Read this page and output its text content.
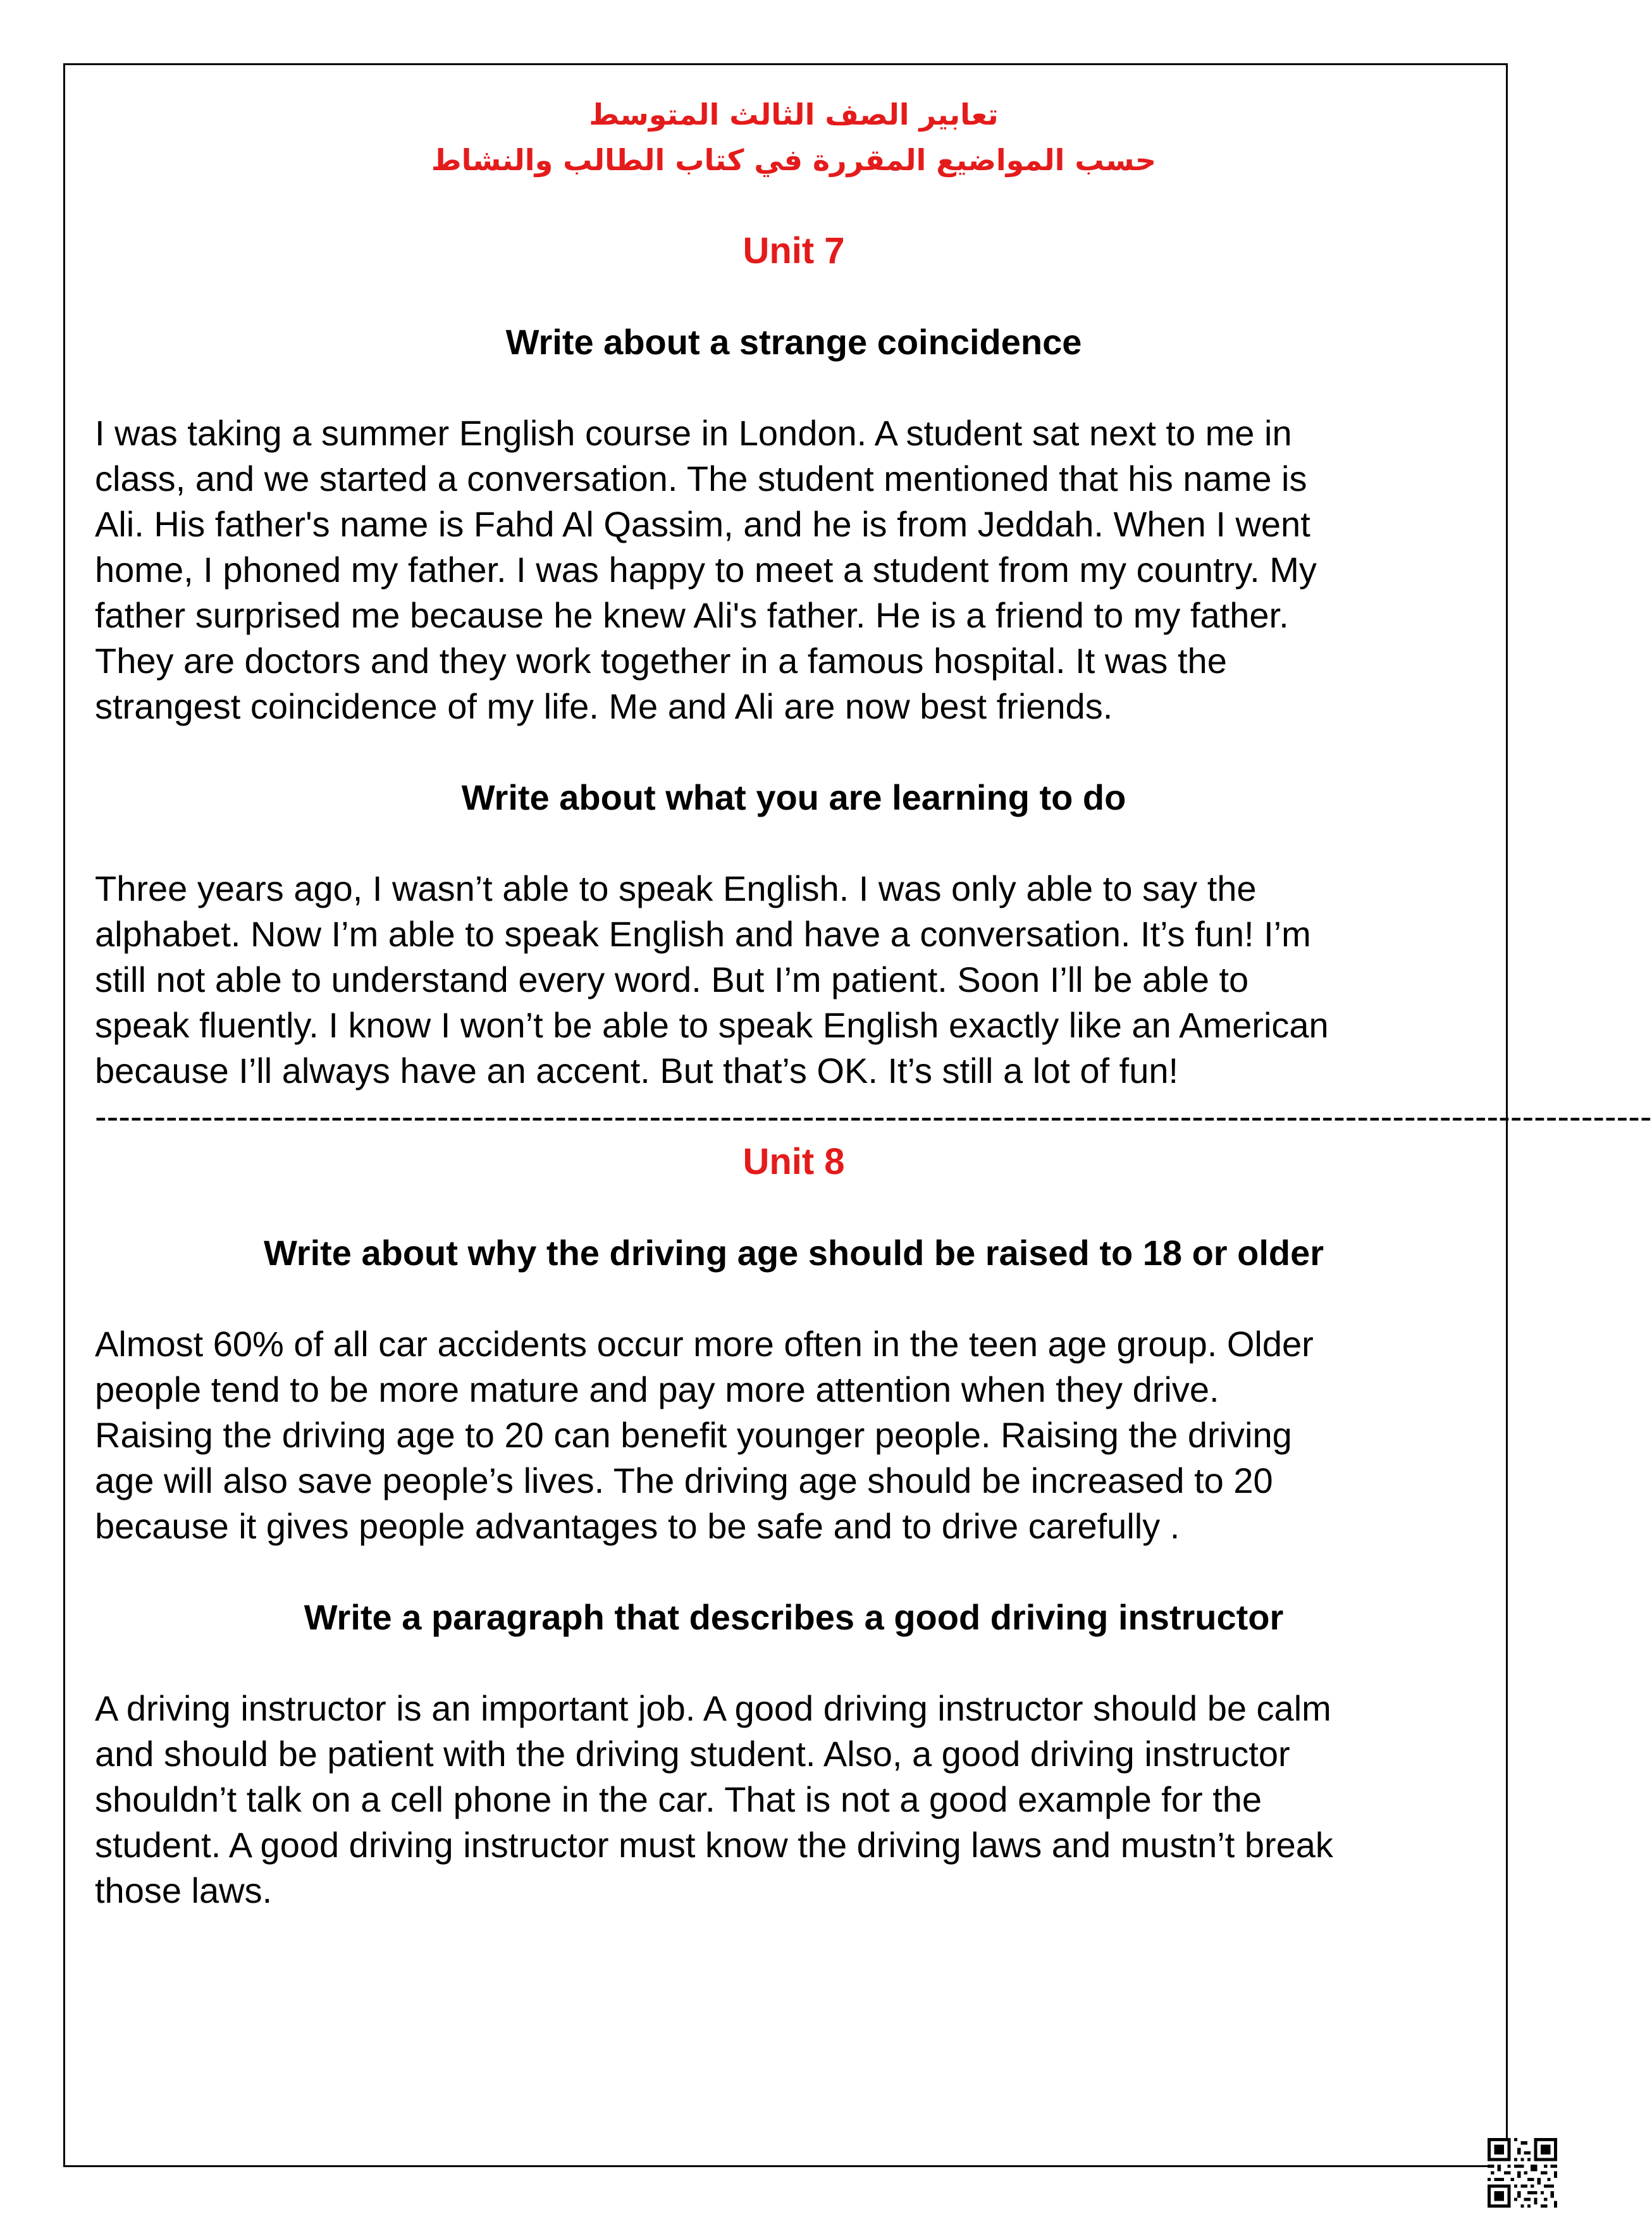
تعابير الصف الثالث المتوسط

حسب المواضيع المقررة في كتاب الطالب والنشاط

Unit 7

Write about a strange coincidence

I was taking a summer English course in London. A student sat next to me in

class, and we started a conversation. The student mentioned that his name is

Ali. His father's name is Fahd Al Qassim, and he is from Jeddah. When I went

home, I phoned my father. I was happy to meet a student from my country. My

father surprised me because he knew Ali's father. He is a friend to my father.

They are doctors and they work together in a famous hospital. It was the

strangest coincidence of my life. Me and Ali are now best friends.

Write about what you are learning to do

Three years ago, I wasn’t able to speak English. I was only able to say the

alphabet. Now I’m able to speak English and have a conversation. It’s fun! I’m

still not able to understand every word. But I’m patient. Soon I’ll be able to

speak fluently. I know I won’t be able to speak English exactly like an American

because I’ll always have an accent. But that’s OK. It’s still a lot of fun!

------------------------------------------------------------------------------------------------------------------------------------

Unit 8

Write about why the driving age should be raised to 18 or older

Almost 60% of all car accidents occur more often in the teen age group. Older

people tend to be more mature and pay more attention when they drive.

Raising the driving age to 20 can benefit younger people. Raising the driving

age will also save people’s lives. The driving age should be increased to 20

because it gives people advantages to be safe and to drive carefully .

Write a paragraph that describes a good driving instructor

A driving instructor is an important job. A good driving instructor should be calm

and should be patient with the driving student. Also, a good driving instructor

shouldn’t talk on a cell phone in the car. That is not a good example for the

student. A good driving instructor must know the driving laws and mustn’t break

those laws.
